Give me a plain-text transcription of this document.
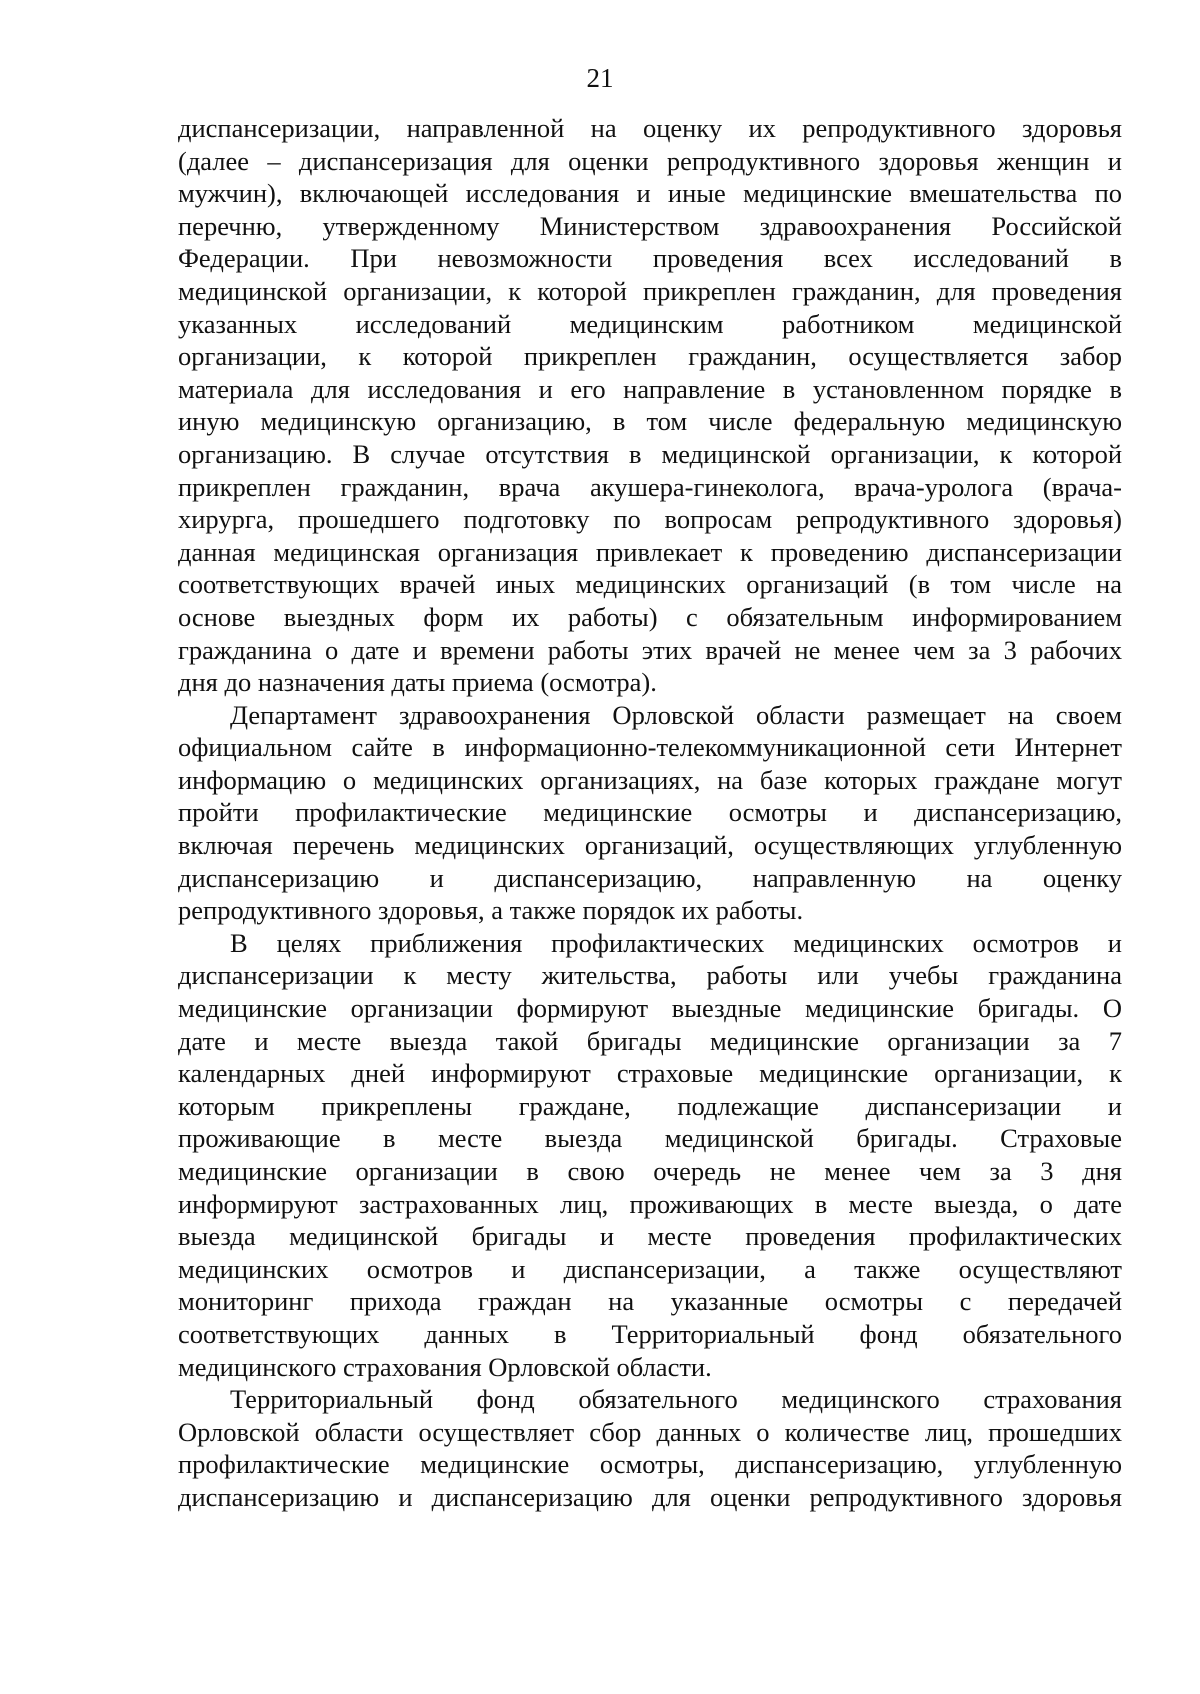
21
диспансеризации, направленной на оценку их репродуктивного здоровья
(далее – диспансеризация для оценки репродуктивного здоровья женщин и
мужчин), включающей исследования и иные медицинские вмешательства по
перечню, утвержденному Министерством здравоохранения Российской
Федерации. При невозможности проведения всех исследований в
медицинской организации, к которой прикреплен гражданин, для проведения
указанных исследований медицинским работником медицинской
организации, к которой прикреплен гражданин, осуществляется забор
материала для исследования и его направление в установленном порядке в
иную медицинскую организацию, в том числе федеральную медицинскую
организацию. В случае отсутствия в медицинской организации, к которой
прикреплен гражданин, врача акушера-гинеколога, врача-уролога (врача-
хирурга, прошедшего подготовку по вопросам репродуктивного здоровья)
данная медицинская организация привлекает к проведению диспансеризации
соответствующих врачей иных медицинских организаций (в том числе на
основе выездных форм их работы) с обязательным информированием
гражданина о дате и времени работы этих врачей не менее чем за 3 рабочих
дня до назначения даты приема (осмотра).
Департамент здравоохранения Орловской области размещает на своем
официальном сайте в информационно-телекоммуникационной сети Интернет
информацию о медицинских организациях, на базе которых граждане могут
пройти профилактические медицинские осмотры и диспансеризацию,
включая перечень медицинских организаций, осуществляющих углубленную
диспансеризацию и диспансеризацию, направленную на оценку
репродуктивного здоровья, а также порядок их работы.
В целях приближения профилактических медицинских осмотров и
диспансеризации к месту жительства, работы или учебы гражданина
медицинские организации формируют выездные медицинские бригады. О
дате и месте выезда такой бригады медицинские организации за 7
календарных дней информируют страховые медицинские организации, к
которым прикреплены граждане, подлежащие диспансеризации и
проживающие в месте выезда медицинской бригады. Страховые
медицинские организации в свою очередь не менее чем за 3 дня
информируют застрахованных лиц, проживающих в месте выезда, о дате
выезда медицинской бригады и месте проведения профилактических
медицинских осмотров и диспансеризации, а также осуществляют
мониторинг прихода граждан на указанные осмотры с передачей
соответствующих данных в Территориальный фонд обязательного
медицинского страхования Орловской области.
Территориальный фонд обязательного медицинского страхования
Орловской области осуществляет сбор данных о количестве лиц, прошедших
профилактические медицинские осмотры, диспансеризацию, углубленную
диспансеризацию и диспансеризацию для оценки репродуктивного здоровья
